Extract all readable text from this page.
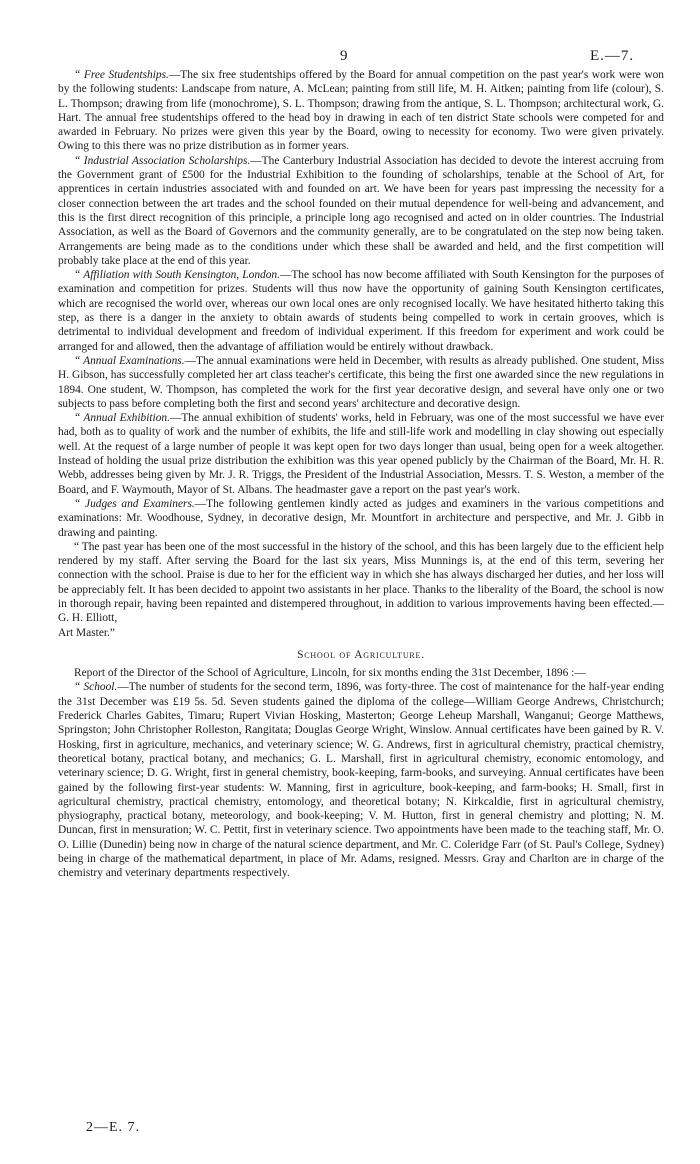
9	E.—7.

“ Free Studentships.—The six free studentships offered by the Board for annual competition on the past year's work were won by the following students: Landscape from nature, A. McLean; painting from still life, M. H. Aitken; painting from life (colour), S. L. Thompson; drawing from life (monochrome), S. L. Thompson; drawing from the antique, S. L. Thompson; architectural work, G. Hart. The annual free studentships offered to the head boy in drawing in each of ten district State schools were competed for and awarded in February. No prizes were given this year by the Board, owing to necessity for economy. Two were given privately. Owing to this there was no prize distribution as in former years.

“ Industrial Association Scholarships.—The Canterbury Industrial Association has decided to devote the interest accruing from the Government grant of £500 for the Industrial Exhibition to the founding of scholarships, tenable at the School of Art, for apprentices in certain industries associated with and founded on art. We have been for years past impressing the necessity for a closer connection between the art trades and the school founded on their mutual dependence for well-being and advancement, and this is the first direct recognition of this principle, a principle long ago recognised and acted on in older countries. The Industrial Association, as well as the Board of Governors and the community generally, are to be congratulated on the step now being taken. Arrangements are being made as to the conditions under which these shall be awarded and held, and the first competition will probably take place at the end of this year.

“ Affiliation with South Kensington, London.—The school has now become affiliated with South Kensington for the purposes of examination and competition for prizes. Students will thus now have the opportunity of gaining South Kensington certificates, which are recognised the world over, whereas our own local ones are only recognised locally. We have hesitated hitherto taking this step, as there is a danger in the anxiety to obtain awards of students being compelled to work in certain grooves, which is detrimental to individual development and freedom of individual experiment. If this freedom for experiment and work could be arranged for and allowed, then the advantage of affiliation would be entirely without drawback.

“ Annual Examinations.—The annual examinations were held in December, with results as already published. One student, Miss H. Gibson, has successfully completed her art class teacher's certificate, this being the first one awarded since the new regulations in 1894. One student, W. Thompson, has completed the work for the first year decorative design, and several have only one or two subjects to pass before completing both the first and second years' architecture and decorative design.

“ Annual Exhibition.—The annual exhibition of students' works, held in February, was one of the most successful we have ever had, both as to quality of work and the number of exhibits, the life and still-life work and modelling in clay showing out especially well. At the request of a large number of people it was kept open for two days longer than usual, being open for a week altogether. Instead of holding the usual prize distribution the exhibition was this year opened publicly by the Chairman of the Board, Mr. H. R. Webb, addresses being given by Mr. J. R. Triggs, the President of the Industrial Association, Messrs. T. S. Weston, a member of the Board, and F. Waymouth, Mayor of St. Albans. The headmaster gave a report on the past year's work.

“ Judges and Examiners.—The following gentlemen kindly acted as judges and examiners in the various competitions and examinations: Mr. Woodhouse, Sydney, in decorative design, Mr. Mountfort in architecture and perspective, and Mr. J. Gibb in drawing and painting.

“ The past year has been one of the most successful in the history of the school, and this has been largely due to the efficient help rendered by my staff. After serving the Board for the last six years, Miss Munnings is, at the end of this term, severing her connection with the school. Praise is due to her for the efficient way in which she has always discharged her duties, and her loss will be appreciably felt. It has been decided to appoint two assistants in her place. Thanks to the liberality of the Board, the school is now in thorough repair, having been repainted and distempered throughout, in addition to various improvements having been effected.—G. H. Elliott,

Art Master.”

School of Agriculture.

Report of the Director of the School of Agriculture, Lincoln, for six months ending the 31st December, 1896 :—

“ School.—The number of students for the second term, 1896, was forty-three. The cost of maintenance for the half-year ending the 31st December was £19 5s. 5d. Seven students gained the diploma of the college—William George Andrews, Christchurch; Frederick Charles Gabites, Timaru; Rupert Vivian Hosking, Masterton; George Leheup Marshall, Wanganui; George Matthews, Springston; John Christopher Rolleston, Rangitata; Douglas George Wright, Winslow. Annual certificates have been gained by R. V. Hosking, first in agriculture, mechanics, and veterinary science; W. G. Andrews, first in agricultural chemistry, practical chemistry, theoretical botany, practical botany, and mechanics; G. L. Marshall, first in agricultural chemistry, economic entomology, and veterinary science; D. G. Wright, first in general chemistry, book-keeping, farm-books, and surveying. Annual certificates have been gained by the following first-year students: W. Manning, first in agriculture, book-keeping, and farm-books; H. Small, first in agricultural chemistry, practical chemistry, entomology, and theoretical botany; N. Kirkcaldie, first in agricultural chemistry, physiography, practical botany, meteorology, and book-keeping; V. M. Hutton, first in general chemistry and plotting; N. M. Duncan, first in mensuration; W. C. Pettit, first in veterinary science. Two appointments have been made to the teaching staff, Mr. O. O. Lillie (Dunedin) being now in charge of the natural science department, and Mr. C. Coleridge Farr (of St. Paul's College, Sydney) being in charge of the mathematical department, in place of Mr. Adams, resigned. Messrs. Gray and Charlton are in charge of the chemistry and veterinary departments respectively.

2—E. 7.
